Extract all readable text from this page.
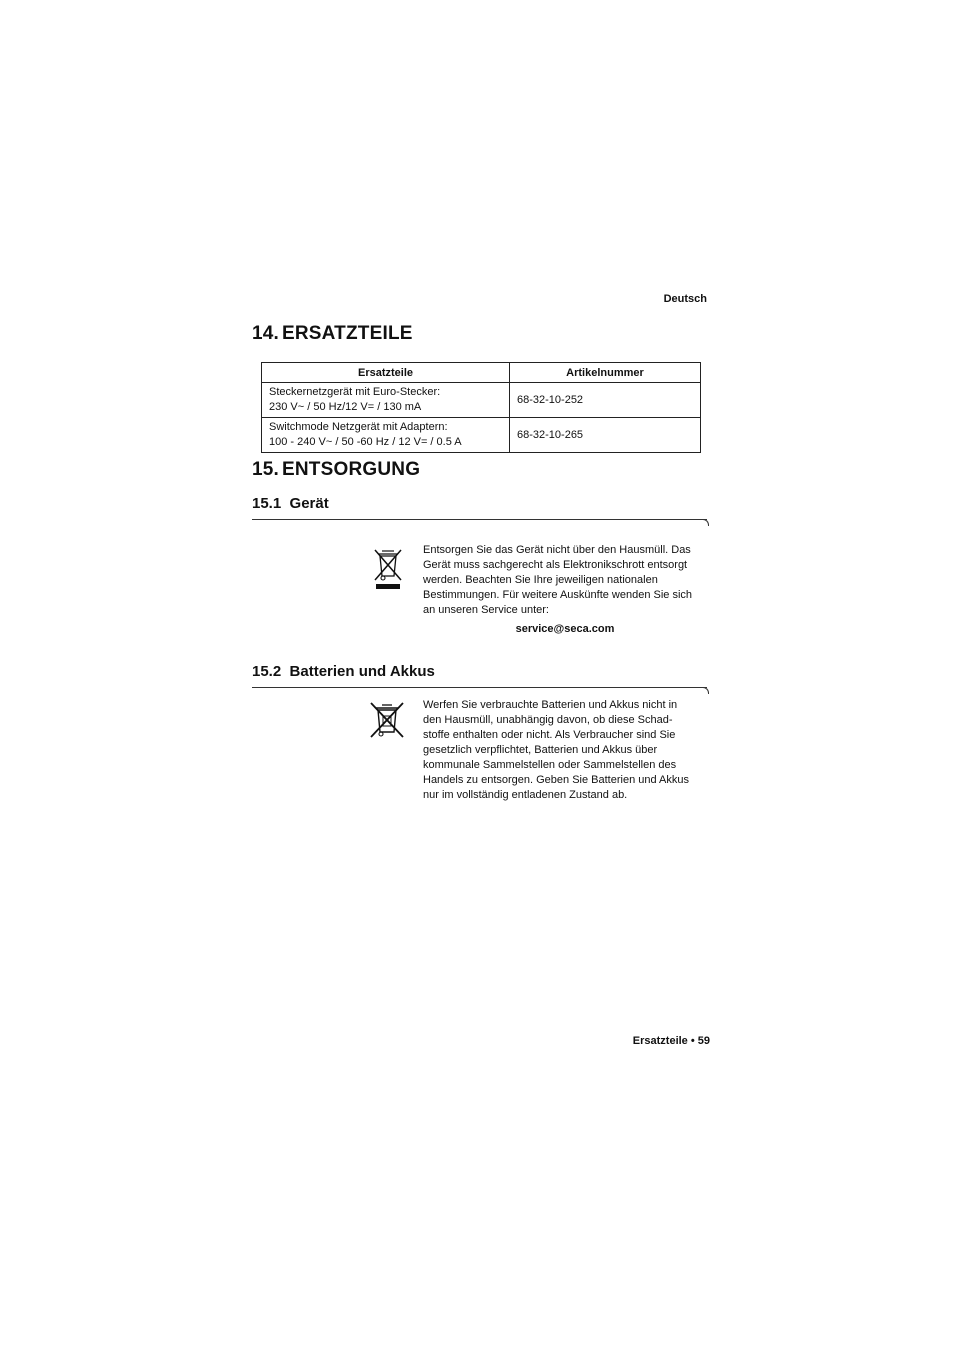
Deutsch
14. ERSATZTEILE
Ersatzteile	Artikelnummer
Steckernetzgerät mit Euro-Stecker:
230 V~ / 50 Hz/12 V= / 130 mA	68-32-10-252
Switchmode Netzgerät mit Adaptern:
100 - 240 V~ / 50 -60 Hz / 12 V= / 0.5 A	68-32-10-265
15. ENTSORGUNG
15.1  Gerät
Entsorgen Sie das Gerät nicht über den Hausmüll. Das
Gerät muss sachgerecht als Elektronikschrott entsorgt
werden. Beachten Sie Ihre jeweiligen nationalen
Bestimmungen. Für weitere Auskünfte wenden Sie sich
an unseren Service unter:
service@seca.com
15.2  Batterien und Akkus
Werfen Sie verbrauchte Batterien und Akkus nicht in
den Hausmüll, unabhängig davon, ob diese Schad-
stoffe enthalten oder nicht. Als Verbraucher sind Sie
gesetzlich verpflichtet, Batterien und Akkus über
kommunale Sammelstellen oder Sammelstellen des
Handels zu entsorgen. Geben Sie Batterien und Akkus
nur im vollständig entladenen Zustand ab.
Ersatzteile • 59
